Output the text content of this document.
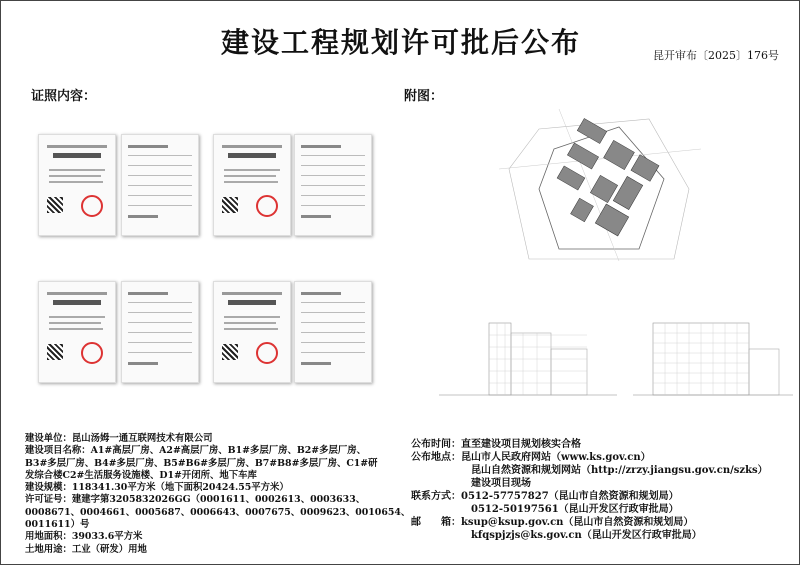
建设工程规划许可批后公布	昆开审布〔2025〕176号
证照内容：	附图：
建设单位：昆山汤姆一通互联网技术有限公司
建设项目名称：A1#高层厂房、A2#高层厂房、B1#多层厂房、B2#多层厂房、
B3#多层厂房、B4#多层厂房、B5#B6#多层厂房、B7#B8#多层厂房、C1#研
发综合楼C2#生活服务设施楼、D1#开闭所、地下车库
建设规模：118341.30平方米（地下面积20424.55平方米）
许可证号：建建字第3205832026GG（0001611、0002613、0003633、
0008671、0004661、0005687、0006643、0007675、0009623、0010654、
0011611）号
用地面积：39033.6平方米
土地用途：工业（研发）用地
公布时间：直至建设项目规划核实合格
公布地点：昆山市人民政府网站（www.ks.gov.cn）
昆山自然资源和规划网站（http://zrzy.jiangsu.gov.cn/szks）
建设项目现场
联系方式：0512-57757827（昆山市自然资源和规划局）
0512-50197561（昆山开发区行政审批局）
邮　　箱：ksup@ksup.gov.cn（昆山市自然资源和规划局）
kfqspjzjs@ks.gov.cn（昆山开发区行政审批局）
